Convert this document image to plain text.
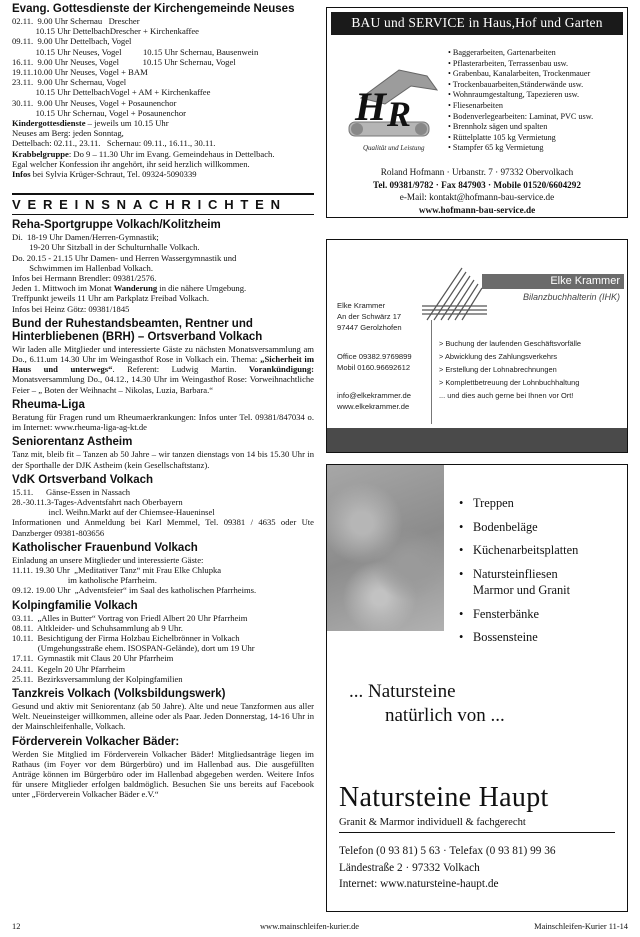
Evang. Gottesdienste der Kirchengemeinde Neuses

02.11.  9.00 Uhr Schernau   Drescher

10.15 Uhr DettelbachDrescher + Kirchenkaffee

09.11.  9.00 Uhr Dettelbach, Vogel

10.15 Uhr Neuses, Vogel          10.15 Uhr Schernau, Bausenwein

16.11.  9.00 Uhr Neuses, Vogel           10.15 Uhr Schernau, Vogel

19.11.10.00 Uhr Neuses, Vogel + BAM

23.11.  9.00 Uhr Schernau, Vogel

10.15 Uhr DettelbachVogel + AM + Kirchenkaffee

30.11.  9.00 Uhr Neuses, Vogel + Posaunenchor

10.15 Uhr Schernau, Vogel + Posaunenchor

Kindergottesdienste – jeweils um 10.15 Uhr

Neuses am Berg: jeden Sonntag,

Dettelbach: 02.11., 23.11.   Schernau: 09.11., 16.11., 30.11.

Krabbelgruppe: Do 9 – 11.30 Uhr im Evang. Gemeindehaus in Dettelbach.

Egal welcher Konfession ihr angehört, ihr seid herzlich willkommen.

Infos bei Sylvia Krüger-Schraut, Tel. 09324-5090339

VEREINSNACHRICHTEN
Reha-Sportgruppe Volkach/Kolitzheim

Di.  18-19 Uhr Damen/Herren-Gymnastik;

19-20 Uhr Sitzball in der Schulturnhalle Volkach.

Do. 20.15 - 21.15 Uhr Damen- und Herren Wassergymnastik und

Schwimmen im Hallenbad Volkach.

Infos bei Hermann Brendler: 09381/2576.

Jeden 1. Mittwoch im Monat Wanderung in die nähere Umgebung.

Treffpunkt jeweils 11 Uhr am Parkplatz Freibad Volkach.

Infos bei Heinz Götz: 09381/1845

Bund der Ruhestandsbeamten, Rentner und
Hinterbliebenen (BRH) – Ortsverband Volkach

Wir laden alle Mitglieder und interessierte Gäste zu nächsten Monatsversammlung am Do., 6.11.um 14.30 Uhr im Weingasthof Rose in Volkach ein. Thema: „Sicherheit im Haus und unterwegs“. Referent: Ludwig Martin. Vorankündigung: Monatsversammlung Do., 04.12., 14.30 Uhr im Weingasthof Rose: Vorweihnachtliche Feier – „ Boten der Weihnacht – Nikolas, Luzia, Barbara.“

Rheuma-Liga

Beratung für Fragen rund um Rheumaerkrankungen: Infos unter Tel. 09381/847034 o. im Internet: www.rheuma-liga-ag-kt.de

Seniorentanz Astheim

Tanz mit, bleib fit – Tanzen ab 50 Jahre – wir tanzen dienstags von 14 bis 15.30 Uhr in der Sporthalle der DJK Astheim (kein Gesellschaftstanz).

VdK Ortsverband Volkach

15.11.      Gänse-Essen in Nassach

28.-30.11.3-Tages-Adventsfahrt nach Oberbayern

incl. Weihn.Markt auf der Chiemsee-Haueninsel

Informationen und Anmeldung bei Karl Memmel, Tel. 09381 / 4635 oder Ute Danzberger 09381-803656

Katholischer Frauenbund Volkach

Einladung an unsere Mitglieder und interessierte Gäste:

11.11. 19.30 Uhr  „Meditativer Tanz“ mit Frau Elke Chlupka

im katholische Pfarrheim.

09.12. 19.00 Uhr  „Adventsfeier“ im Saal des katholischen Pfarrheims.

Kolpingfamilie Volkach

03.11.  „Alles in Butter“ Vortrag von Friedl Albert 20 Uhr Pfarrheim

08.11.  Altkleider- und Schuhsammlung ab 9 Uhr.

10.11.  Besichtigung der Firma Holzbau Eichelbrönner in Volkach

(Umgehungsstraße ehem. ISOSPAN-Gelände), dort um 19 Uhr

17.11.  Gymnastik mit Claus 20 Uhr Pfarrheim

24.11.  Kegeln 20 Uhr Pfarrheim

25.11.  Bezirksversammlung der Kolpingfamilien

Tanzkreis Volkach (Volksbildungswerk)

Gesund und aktiv mit Seniorentanz (ab 50 Jahre). Alte und neue Tanzformen aus aller Welt. Neueinsteiger willkommen, alleine oder als Paar. Jeden Donnerstag, 14-16 Uhr in der Mainschleifenhalle, Volkach.

Förderverein Volkacher Bäder:

Werden Sie Mitglied im Förderverein Volkacher Bäder! Mitgliedsanträge liegen im Rathaus (im Foyer vor dem Bürgerbüro) und im Hallenbad aus. Die ausgefüllten Anträge können im Bürgerbüro oder im Hallenbad abgegeben werden. Weitere Infos für unsere Mitglieder erfolgen baldmöglich. Besuchen Sie uns bereits auf Facebook unter „Förderverein Volkacher Bäder e.V.“

BAU und SERVICE in Haus,Hof und Garten
H R
Qualität und Leistung
• Baggerarbeiten, Gartenarbeiten
• Pflasterarbeiten, Terrassenbau usw.
• Grabenbau, Kanalarbeiten, Trockenmauer
• Trockenbauarbeiten,Ständerwände usw.
• Wohnraumgestaltung, Tapezieren usw.
• Fliesenarbeiten
• Bodenverlegearbeiten: Laminat, PVC usw.
• Brennholz sägen und spalten
• Rüttelplatte 105 kg Vermietung
• Stampfer 65 kg Vermietung
Roland Hofmann · Urbanstr. 7 · 97332 Obervolkach
Tel. 09381/9782 · Fax 847903 · Mobile 01520/6604292
e-Mail: kontakt@hofmann-bau-service.de
www.hofmann-bau-service.de
Elke Krammer
Bilanzbuchhalterin (IHK)
Elke Krammer
An der Schwärz 17
97447 Gerolzhofen
Office 09382.9769899
Mobil 0160.96692612
info@elkekrammer.de
www.elkekrammer.de
> Buchung der laufenden Geschäftsvorfälle
> Abwicklung des Zahlungsverkehrs
> Erstellung der Lohnabrechnungen
> Komplettbetreuung der Lohnbuchhaltung
... und dies auch gerne bei Ihnen vor Ort!
• Treppen
• Bodenbeläge
• Küchenarbeitsplatten
• Natursteinfliesen
Marmor und Granit
• Fensterbänke
• Bossensteine
... Natursteine
natürlich von ...
Natursteine Haupt
Granit & Marmor individuell & fachgerecht
Telefon (0 93 81) 5 63 · Telefax (0 93 81) 99 36
Ländestraße 2 · 97332 Volkach
Internet: www.natursteine-haupt.de
12	www.mainschleifen-kurier.de	Mainschleifen-Kurier 11-14
